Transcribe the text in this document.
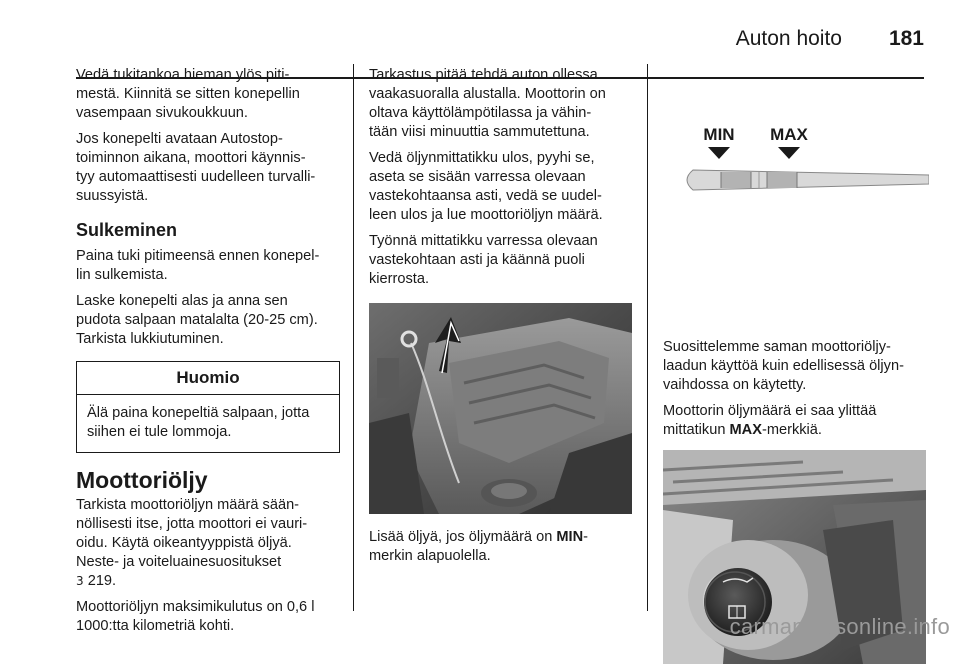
Auton hoito 181

Vedä tukitankoa hieman ylös piti-
mestä. Kiinnitä se sitten konepellin
vasempaan sivukoukkuun.

Jos konepelti avataan Autostop-
toiminnon aikana, moottori käynnis-
tyy automaattisesti uudelleen turvalli-
suussyistä.

Sulkeminen

Paina tuki pitimeensä ennen konepel-
lin sulkemista.

Laske konepelti alas ja anna sen
pudota salpaan matalalta (20-25 cm).
Tarkista lukkiutuminen.

Huomio
Älä paina konepeltiä salpaan, jotta
siihen ei tule lommoja.
Moottoriöljy

Tarkista moottoriöljyn määrä sään-
nöllisesti itse, jotta moottori ei vauri-
oidu. Käytä oikeantyyppistä öljyä.
Neste- ja voiteluainesuositukset

3 219.

Moottoriöljyn maksimikulutus on 0,6 l
1000:tta kilometriä kohti.

Tarkastus pitää tehdä auton ollessa
vaakasuoralla alustalla. Moottorin on
oltava käyttölämpötilassa ja vähin-
tään viisi minuuttia sammutettuna.

Vedä öljynmittatikku ulos, pyyhi se,
aseta se sisään varressa olevaan
vastekohtaansa asti, vedä se uudel-
leen ulos ja lue moottoriöljyn määrä.

Työnnä mittatikku varressa olevaan
vastekohtaan asti ja käännä puoli
kierrosta.

Lisää öljyä, jos öljymäärä on MIN-
merkin alapuolella.

MIN MAX

Suosittelemme saman moottoriöljy-
laadun käyttöä kuin edellisessä öljyn-
vaihdossa on käytetty.

Moottorin öljymäärä ei saa ylittää
mittatikun MAX-merkkiä.

carmanualsonline.info
